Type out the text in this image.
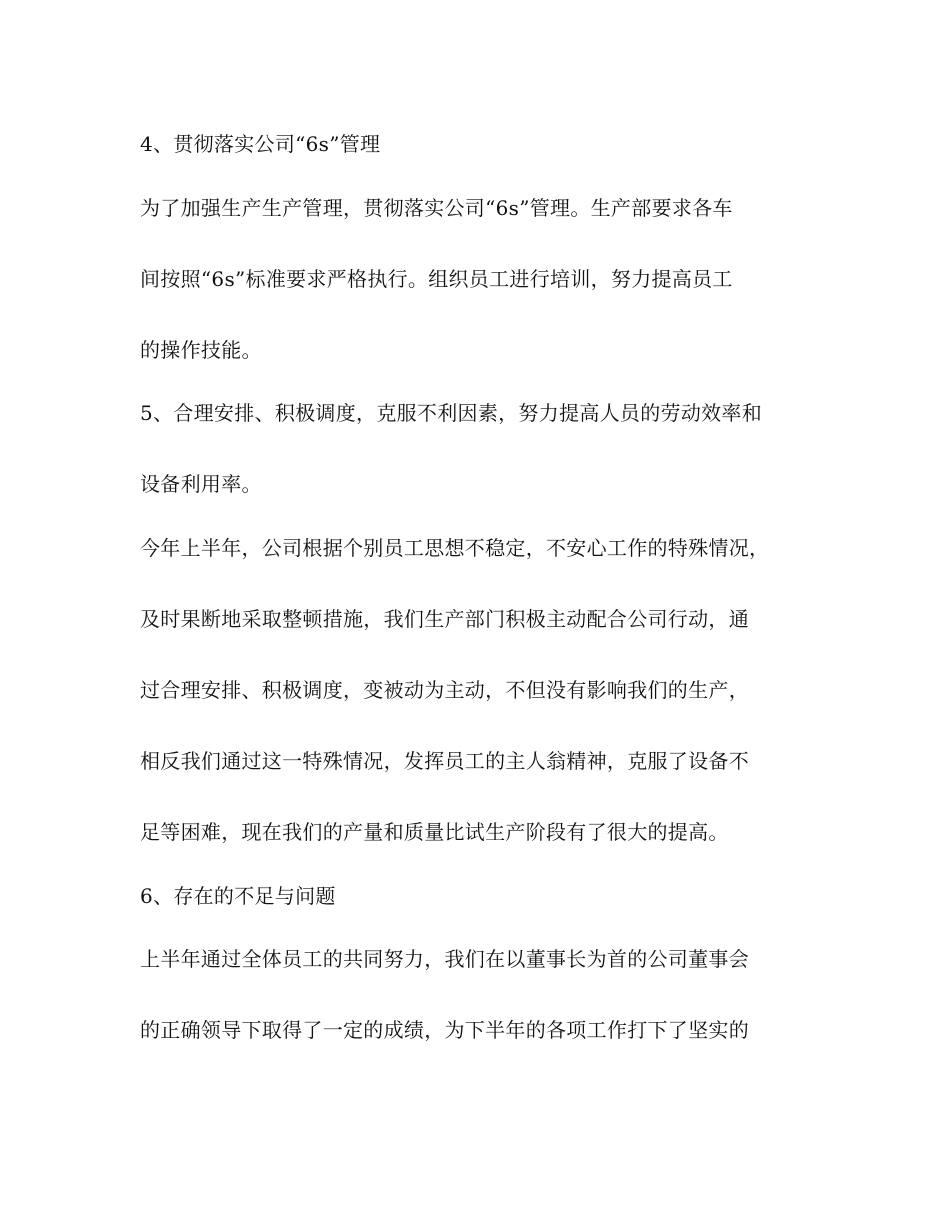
4、贯彻落实公司“6s”管理
为了加强生产生产管理，贯彻落实公司“6s”管理。生产部要求各车
间按照“6s”标准要求严格执行。组织员工进行培训，努力提高员工
的操作技能。
5、合理安排、积极调度，克服不利因素，努力提高人员的劳动效率和
设备利用率。
今年上半年，公司根据个别员工思想不稳定，不安心工作的特殊情况，
及时果断地采取整顿措施，我们生产部门积极主动配合公司行动，通
过合理安排、积极调度，变被动为主动，不但没有影响我们的生产，
相反我们通过这一特殊情况，发挥员工的主人翁精神，克服了设备不
足等困难，现在我们的产量和质量比试生产阶段有了很大的提高。
6、存在的不足与问题
上半年通过全体员工的共同努力，我们在以董事长为首的公司董事会
的正确领导下取得了一定的成绩，为下半年的各项工作打下了坚实的
